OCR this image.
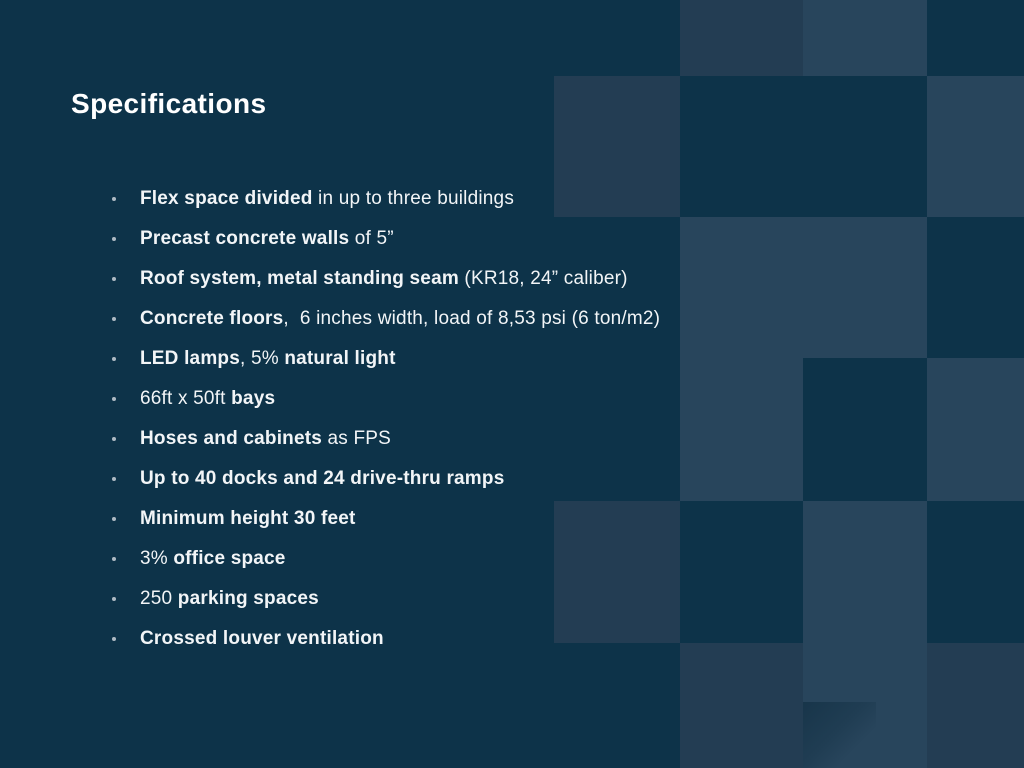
Specifications
Flex space divided in up to three buildings
Precast concrete walls of 5”
Roof system, metal standing seam (KR18, 24” caliber)
Concrete floors,  6 inches width, load of 8,53 psi (6 ton/m2)
LED lamps, 5% natural light
66ft x 50ft bays
Hoses and cabinets as FPS
Up to 40 docks and 24 drive-thru ramps
Minimum height 30 feet
3% office space
250 parking spaces
Crossed louver ventilation
